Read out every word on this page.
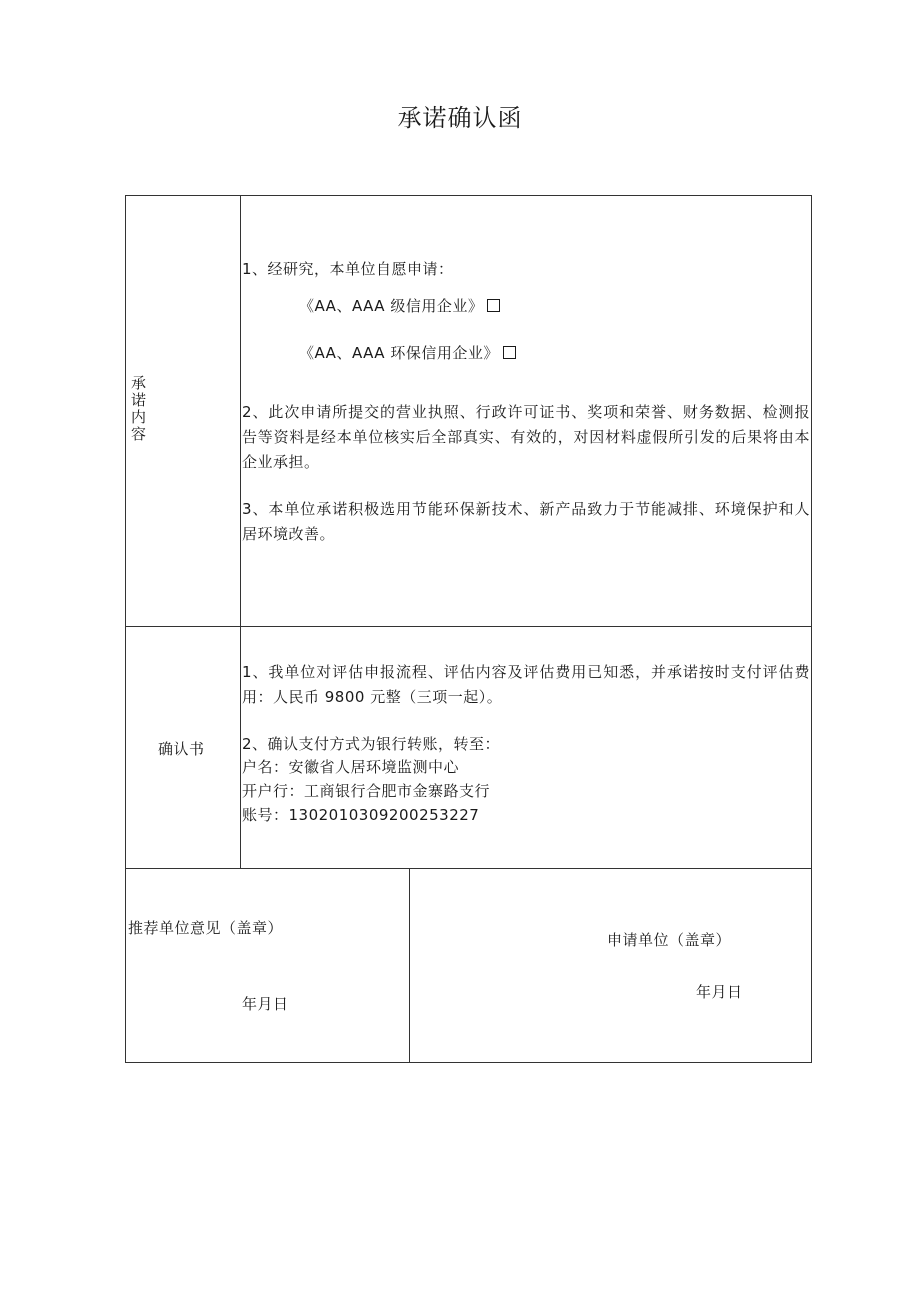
承诺确认函
承
诺
内
容
1、经研究，本单位自愿申请：
《AA、AAA 级信用企业》
《AA、AAA 环保信用企业》
2、此次申请所提交的营业执照、行政许可证书、奖项和荣誉、财务数据、检测报告等资料是经本单位核实后全部真实、有效的，对因材料虚假所引发的后果将由本企业承担。
3、本单位承诺积极选用节能环保新技术、新产品致力于节能减排、环境保护和人居环境改善。
确认书
1、我单位对评估申报流程、评估内容及评估费用已知悉，并承诺按时支付评估费用：人民币 9800 元整（三项一起）。
2、确认支付方式为银行转账，转至：
户名：安徽省人居环境监测中心
开户行：工商银行合肥市金寨路支行
账号：1302010309200253227
推荐单位意见（盖章）
年月日
申请单位（盖章）
年月日
